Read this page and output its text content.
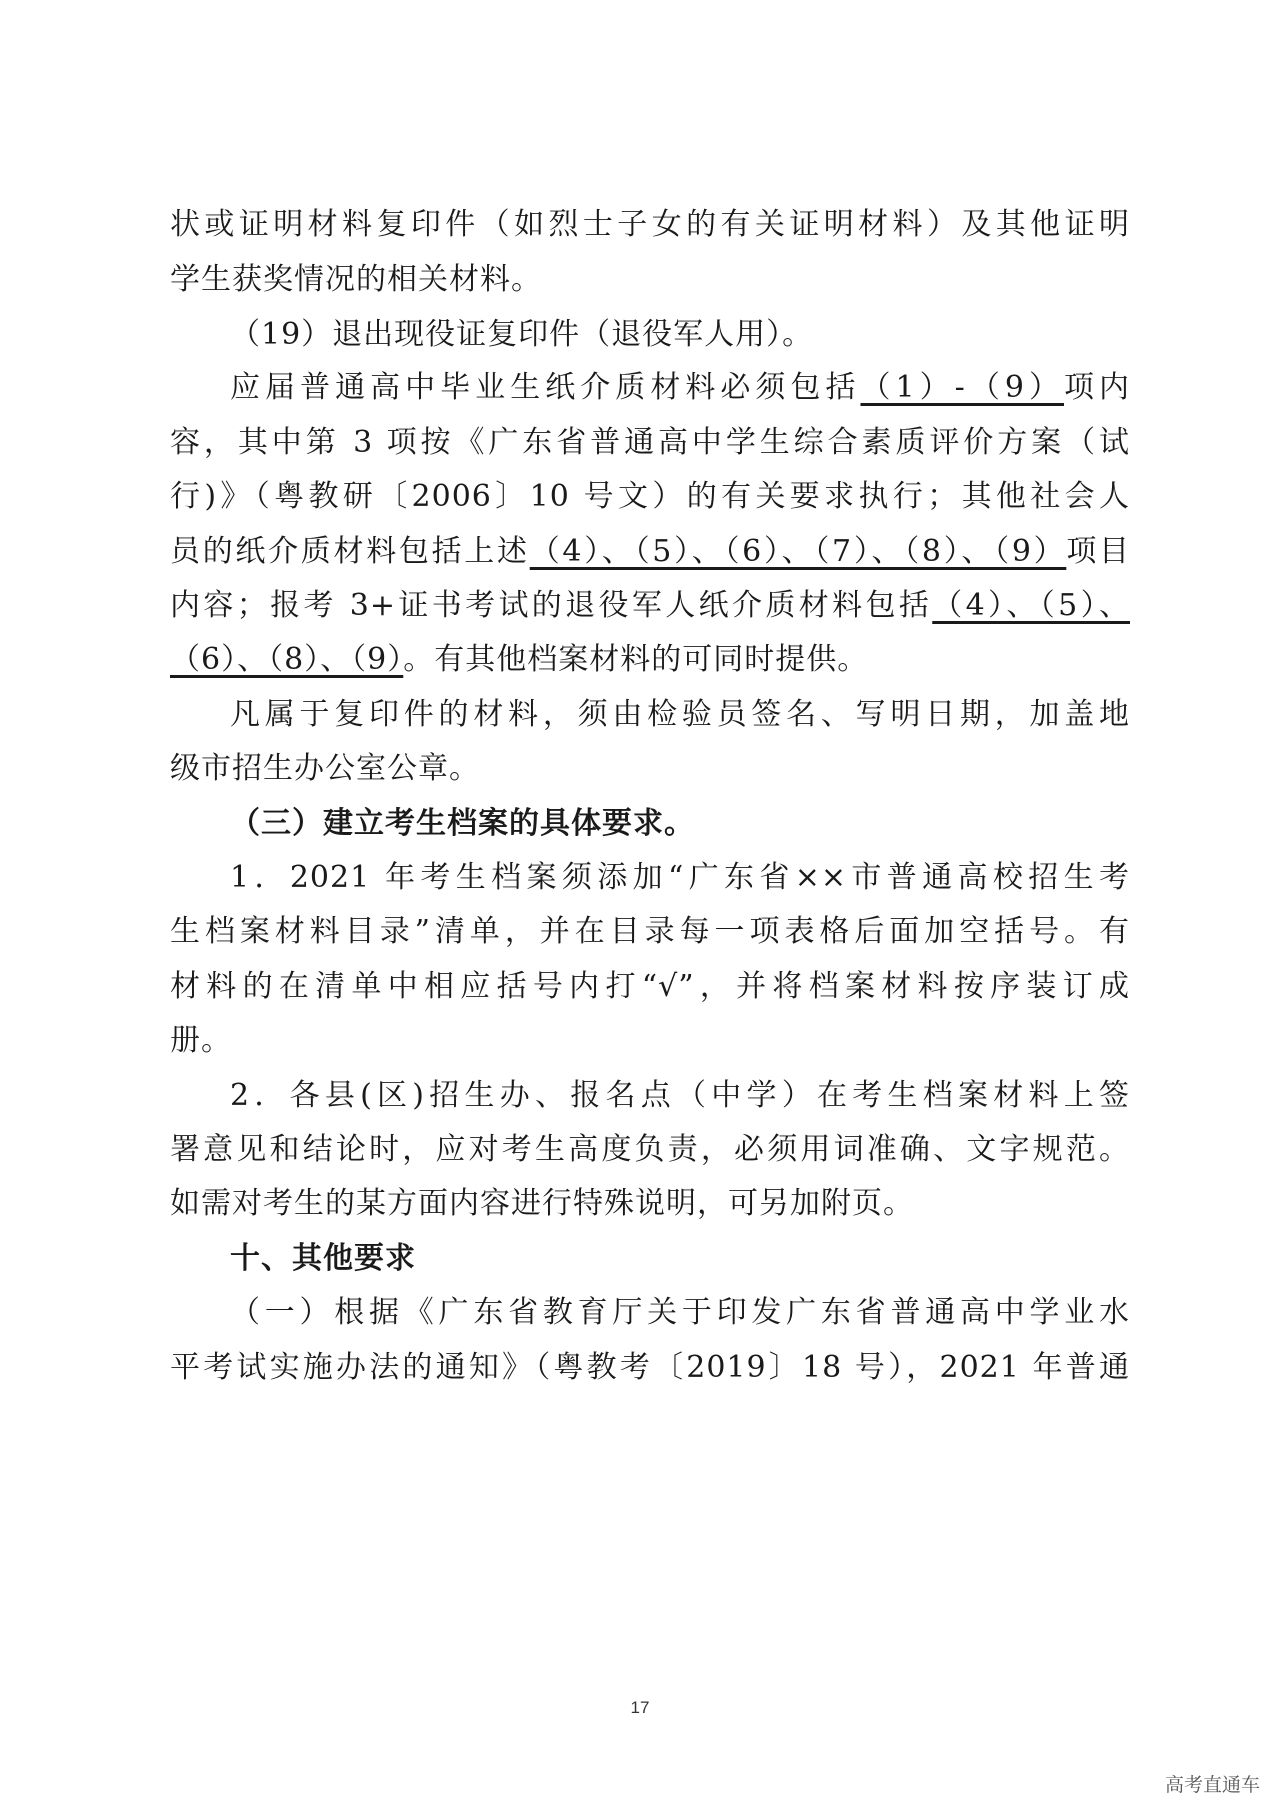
状或证明材料复印件（如烈士子女的有关证明材料）及其他证明
学生获奖情况的相关材料。
（19）退出现役证复印件（退役军人用）。
应届普通高中毕业生纸介质材料必须包括（1）-（9）项内
容，其中第 3 项按《广东省普通高中学生综合素质评价方案（试
行)》（粤教研〔2006〕10 号文）的有关要求执行；其他社会人
员的纸介质材料包括上述（4）、（5）、（6）、（7）、（8）、（9）项目
内容；报考 3+证书考试的退役军人纸介质材料包括（4）、（5）、
（6）、（8）、（9）。有其他档案材料的可同时提供。
凡属于复印件的材料，须由检验员签名、写明日期，加盖地
级市招生办公室公章。
（三）建立考生档案的具体要求。
1．2021 年考生档案须添加“广东省××市普通高校招生考
生档案材料目录”清单，并在目录每一项表格后面加空括号。有
材料的在清单中相应括号内打“√”，并将档案材料按序装订成
册。
2．各县(区)招生办、报名点（中学）在考生档案材料上签
署意见和结论时，应对考生高度负责，必须用词准确、文字规范。
如需对考生的某方面内容进行特殊说明，可另加附页。
十、其他要求
（一）根据《广东省教育厅关于印发广东省普通高中学业水
平考试实施办法的通知》（粤教考〔2019〕18 号），2021 年普通
17
高考直通车
